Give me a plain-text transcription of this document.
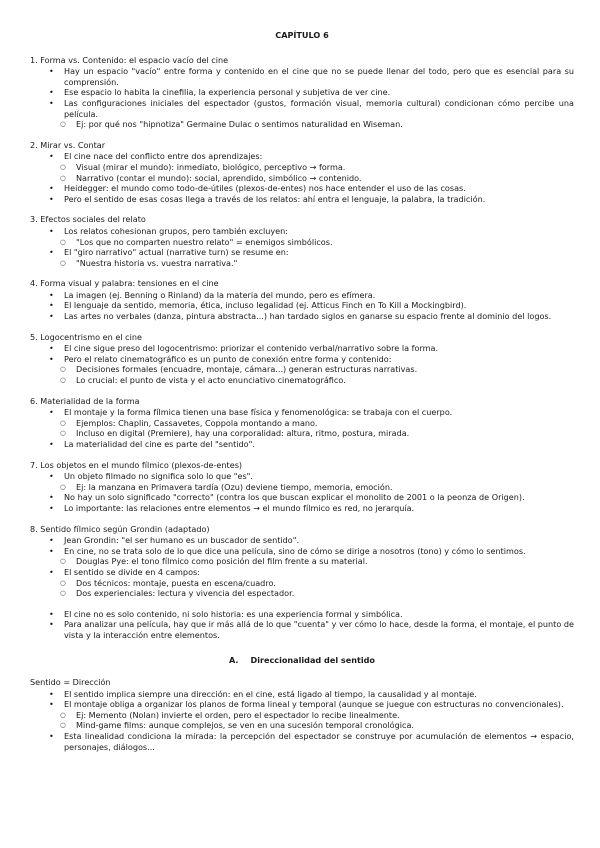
CAPÍTULO 6
1. Forma vs. Contenido: el espacio vacío del cine
• Hay un espacio "vacío" entre forma y contenido en el cine que no se puede llenar del todo, pero que es esencial para su comprensión.
• Ese espacio lo habita la cinefilia, la experiencia personal y subjetiva de ver cine.
• Las configuraciones iniciales del espectador (gustos, formación visual, memoria cultural) condicionan cómo percibe una película.
○ Ej: por qué nos "hipnotiza" Germaine Dulac o sentimos naturalidad en Wiseman.
2. Mirar vs. Contar
• El cine nace del conflicto entre dos aprendizajes:
○ Visual (mirar el mundo): inmediato, biológico, perceptivo → forma.
○ Narrativo (contar el mundo): social, aprendido, simbólico → contenido.
• Heidegger: el mundo como todo-de-útiles (plexos-de-entes) nos hace entender el uso de las cosas.
• Pero el sentido de esas cosas llega a través de los relatos: ahí entra el lenguaje, la palabra, la tradición.
3. Efectos sociales del relato
• Los relatos cohesionan grupos, pero también excluyen:
○ "Los que no comparten nuestro relato" = enemigos simbólicos.
• El "giro narrativo" actual (narrative turn) se resume en:
○ "Nuestra historia vs. vuestra narrativa."
4. Forma visual y palabra: tensiones en el cine
• La imagen (ej. Benning o Rinland) da la materia del mundo, pero es efímera.
• El lenguaje da sentido, memoria, ética, incluso legalidad (ej. Atticus Finch en To Kill a Mockingbird).
• Las artes no verbales (danza, pintura abstracta...) han tardado siglos en ganarse su espacio frente al dominio del logos.
5. Logocentrismo en el cine
• El cine sigue preso del logocentrismo: priorizar el contenido verbal/narrativo sobre la forma.
• Pero el relato cinematográfico es un punto de conexión entre forma y contenido:
○ Decisiones formales (encuadre, montaje, cámara...) generan estructuras narrativas.
○ Lo crucial: el punto de vista y el acto enunciativo cinematográfico.
6. Materialidad de la forma
• El montaje y la forma fílmica tienen una base física y fenomenológica: se trabaja con el cuerpo.
○ Ejemplos: Chaplin, Cassavetes, Coppola montando a mano.
○ Incluso en digital (Premiere), hay una corporalidad: altura, ritmo, postura, mirada.
• La materialidad del cine es parte del "sentido".
7. Los objetos en el mundo fílmico (plexos-de-entes)
• Un objeto filmado no significa solo lo que "es".
○ Ej: la manzana en Primavera tardía (Ozu) deviene tiempo, memoria, emoción.
• No hay un solo significado "correcto" (contra los que buscan explicar el monolito de 2001 o la peonza de Origen).
• Lo importante: las relaciones entre elementos → el mundo fílmico es red, no jerarquía.
8. Sentido fílmico según Grondin (adaptado)
• Jean Grondin: "el ser humano es un buscador de sentido".
• En cine, no se trata solo de lo que dice una película, sino de cómo se dirige a nosotros (tono) y cómo lo sentimos.
○ Douglas Pye: el tono fílmico como posición del film frente a su material.
• El sentido se divide en 4 campos:
○ Dos técnicos: montaje, puesta en escena/cuadro.
○ Dos experienciales: lectura y vivencia del espectador.
• El cine no es solo contenido, ni solo historia: es una experiencia formal y simbólica.
• Para analizar una película, hay que ir más allá de lo que "cuenta" y ver cómo lo hace, desde la forma, el montaje, el punto de vista y la interacción entre elementos.
A. Direccionalidad del sentido
Sentido = Dirección
• El sentido implica siempre una dirección: en el cine, está ligado al tiempo, la causalidad y al montaje.
• El montaje obliga a organizar los planos de forma lineal y temporal (aunque se juegue con estructuras no convencionales).
○ Ej: Memento (Nolan) invierte el orden, pero el espectador lo recibe linealmente.
○ Mind-game films: aunque complejos, se ven en una sucesión temporal cronológica.
• Esta linealidad condiciona la mirada: la percepción del espectador se construye por acumulación de elementos → espacio, personajes, diálogos...
